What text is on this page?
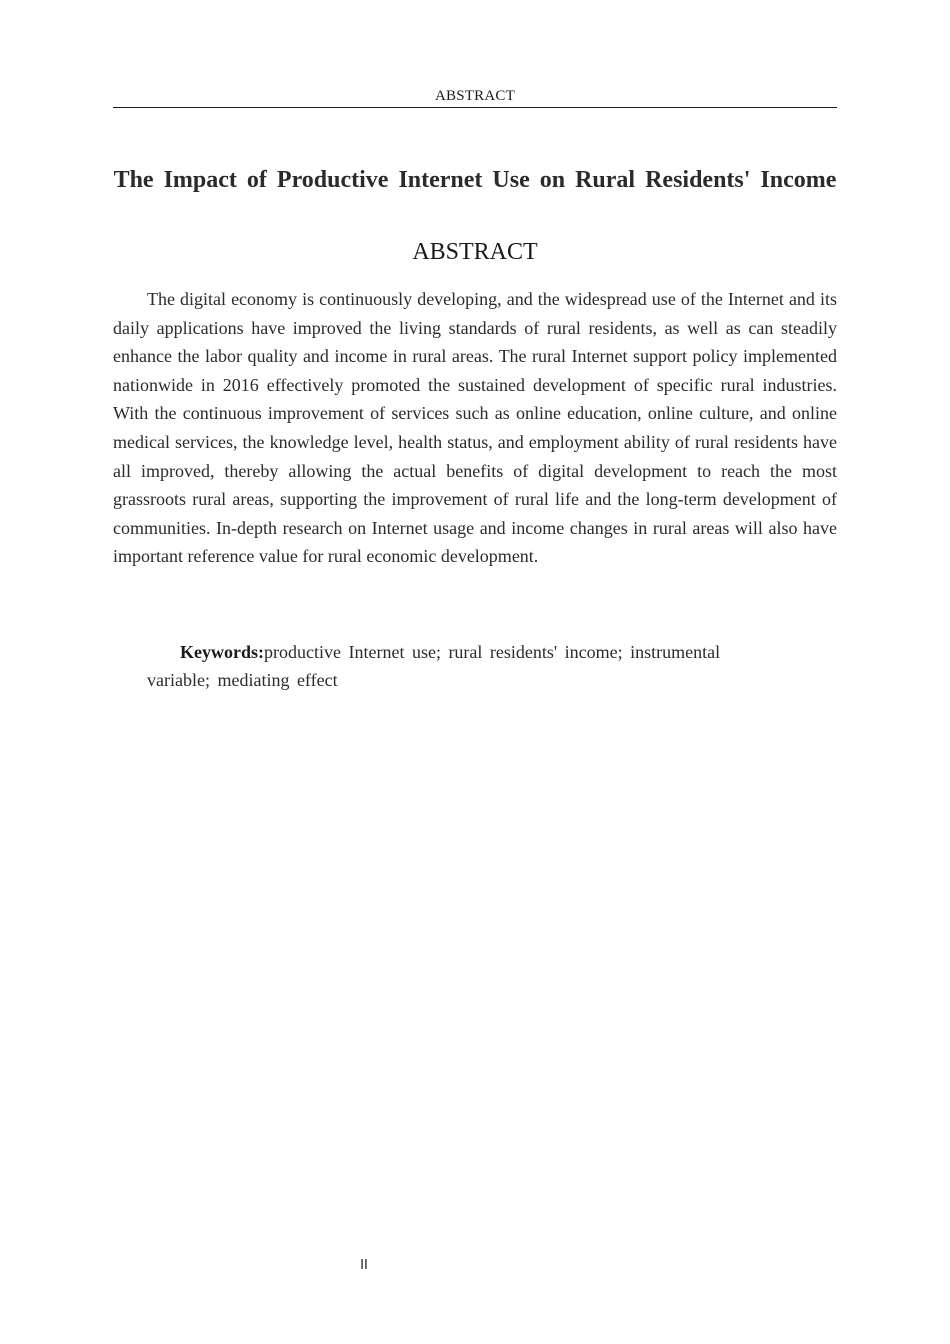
ABSTRACT
The Impact of Productive Internet Use on Rural Residents' Income
ABSTRACT

The digital economy is continuously developing, and the widespread use of the Internet and its daily applications have improved the living standards of rural residents, as well as can steadily enhance the labor quality and income in rural areas. The rural Internet support policy implemented nationwide in 2016 effectively promoted the sustained development of specific rural industries. With the continuous improvement of services such as online education, online culture, and online medical services, the knowledge level, health status, and employment ability of rural residents have all improved, thereby allowing the actual benefits of digital development to reach the most grassroots rural areas, supporting the improvement of rural life and the long-term development of communities. In-depth research on Internet usage and income changes in rural areas will also have important reference value for rural economic development.

Keywords:productive Internet use; rural residents' income; instrumental variable; mediating effect

II
